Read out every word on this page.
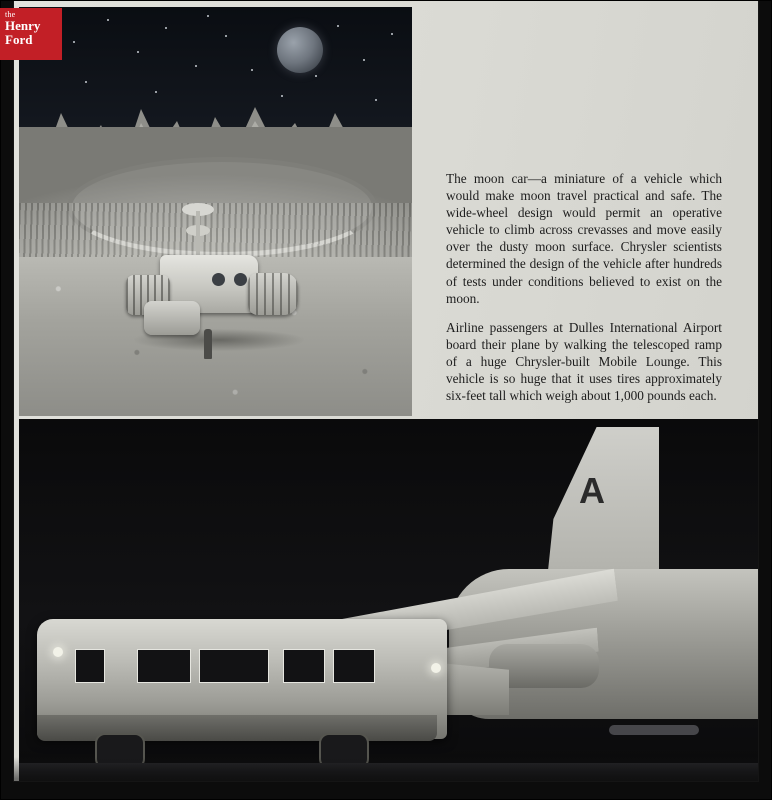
The moon car—a miniature of a vehicle which would make moon travel practical and safe. The wide-wheel design would permit an operative vehicle to climb across crevasses and move easily over the dusty moon surface. Chrysler scientists determined the design of the vehicle after hundreds of tests under conditions believed to exist on the moon.

Airline passengers at Dulles International Airport board their plane by walking the telescoped ramp of a huge Chrysler-built Mobile Lounge. This vehicle is so huge that it uses tires approximately six-feet tall which weigh about 1,000 pounds each.

A
the
Henry
Ford
